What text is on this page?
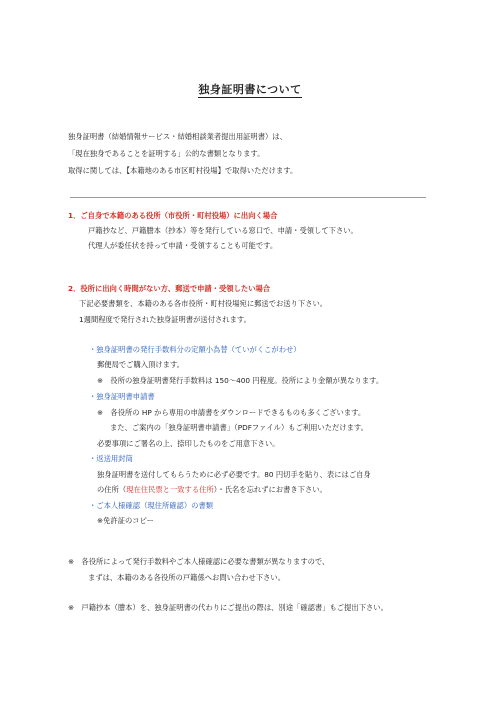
独身証明書について
独身証明書（結婚情報サービス・結婚相談業者提出用証明書）は、
「現在独身であることを証明する」公的な書類となります。
取得に関しては、【本籍地のある市区町村役場】で取得いただけます。
1．ご自身で本籍のある役所（市役所・町村役場）に出向く場合
戸籍抄など、戸籍謄本（抄本）等を発行している窓口で、申請・受領して下さい。
代理人が委任状を持って申請・受領することも可能です。
2．役所に出向く時間がない方、郵送で申請・受領したい場合
下記必要書類を、本籍のある各市役所・町村役場宛に郵送でお送り下さい。
1週間程度で発行された独身証明書が送付されます。
・独身証明書の発行手数料分の定額小為替（ていがくこがわせ）
郵便局でご購入頂けます。
※　役所の独身証明書発行手数料は 150～400 円程度。役所により金額が異なります。
・独身証明書申請書
※　各役所の HP から専用の申請書をダウンロードできるものも多くございます。
また、ご案内の「独身証明書申請書」（PDFファイル）もご利用いただけます。
必要事項にご署名の上、捺印したものをご用意下さい。
・返送用封筒
独身証明書を送付してもらうために必ず必要です。80 円切手を貼り、表にはご自身
の住所（現在住民票と一致する住所）・氏名を忘れずにお書き下さい。
・ご本人様確認（現住所確認）の書類
※免許証のコピー
※　各役所によって発行手数料やご本人様確認に必要な書類が異なりますので、
まずは、本籍のある各役所の戸籍係へお問い合わせ下さい。
※　戸籍抄本（謄本）を、独身証明書の代わりにご提出の際は、別途「確認書」もご提出下さい。
